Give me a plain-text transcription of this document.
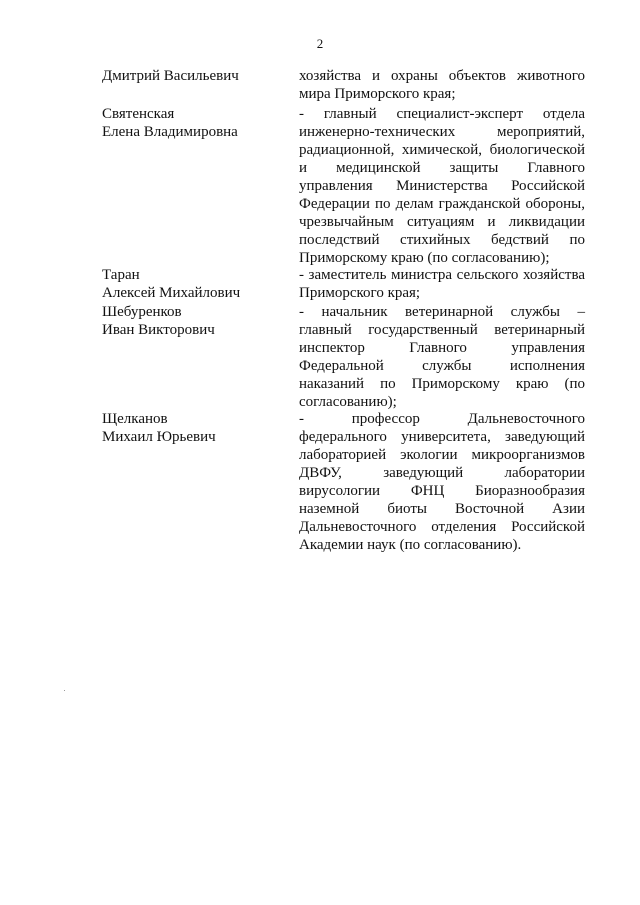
2
Дмитрий Васильевич	хозяйства и охраны объектов животного
мира Приморского края;
Святенская
Елена Владимировна
- главный специалист-эксперт отдела
инженерно-технических мероприятий,
радиационной, химической, биологической
и медицинской защиты Главного
управления Министерства Российской
Федерации по делам гражданской обороны,
чрезвычайным ситуациям и ликвидации
последствий стихийных бедствий по
Приморскому краю (по согласованию);
Таран
Алексей Михайлович
- заместитель министра сельского хозяйства
Приморского края;
Шебуренков
Иван Викторович
- начальник ветеринарной службы –
главный государственный ветеринарный
инспектор Главного управления
Федеральной службы исполнения
наказаний по Приморскому краю (по
согласованию);
Щелканов
Михаил Юрьевич
- профессор Дальневосточного
федерального университета, заведующий
лабораторией экологии микроорганизмов
ДВФУ, заведующий лаборатории
вирусологии ФНЦ Биоразнообразия
наземной биоты Восточной Азии
Дальневосточного отделения Российской
Академии наук (по согласованию).
